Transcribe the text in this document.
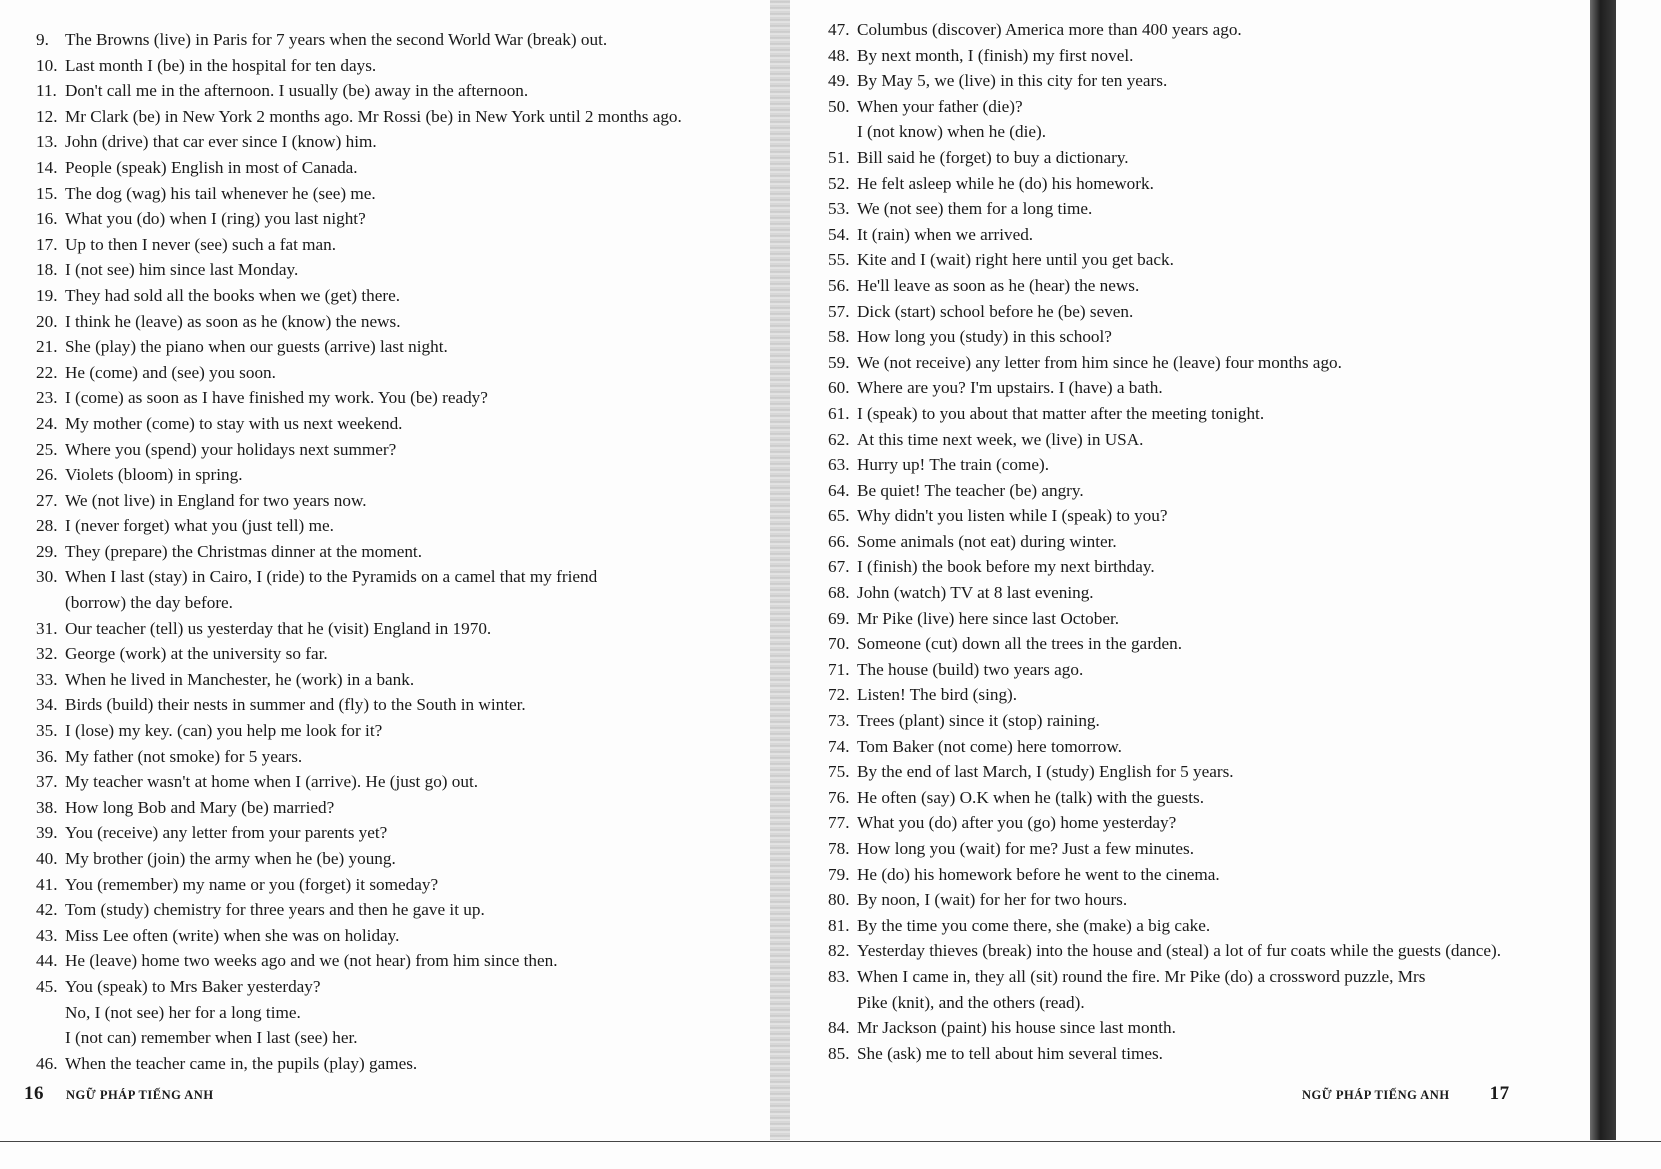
9. The Browns (live) in Paris for 7 years when the second World War (break) out.
10. Last month I (be) in the hospital for ten days.
11. Don't call me in the afternoon. I usually (be) away in the afternoon.
12. Mr Clark (be) in New York 2 months ago. Mr Rossi (be) in New York until 2 months ago.
13. John (drive) that car ever since I (know) him.
14. People (speak) English in most of Canada.
15. The dog (wag) his tail whenever he (see) me.
16. What you (do) when I (ring) you last night?
17. Up to then I never (see) such a fat man.
18. I (not see) him since last Monday.
19. They had sold all the books when we (get) there.
20. I think he (leave) as soon as he (know) the news.
21. She (play) the piano when our guests (arrive) last night.
22. He (come) and (see) you soon.
23. I (come) as soon as I have finished my work. You (be) ready?
24. My mother (come) to stay with us next weekend.
25. Where you (spend) your holidays next summer?
26. Violets (bloom) in spring.
27. We (not live) in England for two years now.
28. I (never forget) what you (just tell) me.
29. They (prepare) the Christmas dinner at the moment.
30. When I last (stay) in Cairo, I (ride) to the Pyramids on a camel that my friend
(borrow) the day before.
31. Our teacher (tell) us yesterday that he (visit) England in 1970.
32. George (work) at the university so far.
33. When he lived in Manchester, he (work) in a bank.
34. Birds (build) their nests in summer and (fly) to the South in winter.
35. I (lose) my key. (can) you help me look for it?
36. My father (not smoke) for 5 years.
37. My teacher wasn't at home when I (arrive). He (just go) out.
38. How long Bob and Mary (be) married?
39. You (receive) any letter from your parents yet?
40. My brother (join) the army when he (be) young.
41. You (remember) my name or you (forget) it someday?
42. Tom (study) chemistry for three years and then he gave it up.
43. Miss Lee often (write) when she was on holiday.
44. He (leave) home two weeks ago and we (not hear) from him since then.
45. You (speak) to Mrs Baker yesterday?
No, I (not see) her for a long time.
I (not can) remember when I last (see) her.
46. When the teacher came in, the pupils (play) games.
47. Columbus (discover) America more than 400 years ago.
48. By next month, I (finish) my first novel.
49. By May 5, we (live) in this city for ten years.
50. When your father (die)?
I (not know) when he (die).
51. Bill said he (forget) to buy a dictionary.
52. He felt asleep while he (do) his homework.
53. We (not see) them for a long time.
54. It (rain) when we arrived.
55. Kite and I (wait) right here until you get back.
56. He'll leave as soon as he (hear) the news.
57. Dick (start) school before he (be) seven.
58. How long you (study) in this school?
59. We (not receive) any letter from him since he (leave) four months ago.
60. Where are you? I'm upstairs. I (have) a bath.
61. I (speak) to you about that matter after the meeting tonight.
62. At this time next week, we (live) in USA.
63. Hurry up! The train (come).
64. Be quiet! The teacher (be) angry.
65. Why didn't you listen while I (speak) to you?
66. Some animals (not eat) during winter.
67. I (finish) the book before my next birthday.
68. John (watch) TV at 8 last evening.
69. Mr Pike (live) here since last October.
70. Someone (cut) down all the trees in the garden.
71. The house (build) two years ago.
72. Listen! The bird (sing).
73. Trees (plant) since it (stop) raining.
74. Tom Baker (not come) here tomorrow.
75. By the end of last March, I (study) English for 5 years.
76. He often (say) O.K when he (talk) with the guests.
77. What you (do) after you (go) home yesterday?
78. How long you (wait) for me? Just a few minutes.
79. He (do) his homework before he went to the cinema.
80. By noon, I (wait) for her for two hours.
81. By the time you come there, she (make) a big cake.
82. Yesterday thieves (break) into the house and (steal) a lot of fur coats while the guests (dance).
83. When I came in, they all (sit) round the fire. Mr Pike (do) a crossword puzzle, Mrs
Pike (knit), and the others (read).
84. Mr Jackson (paint) his house since last month.
85. She (ask) me to tell about him several times.
16 NGỮ PHÁP TIẾNG ANH	NGỮ PHÁP TIẾNG ANH 17
